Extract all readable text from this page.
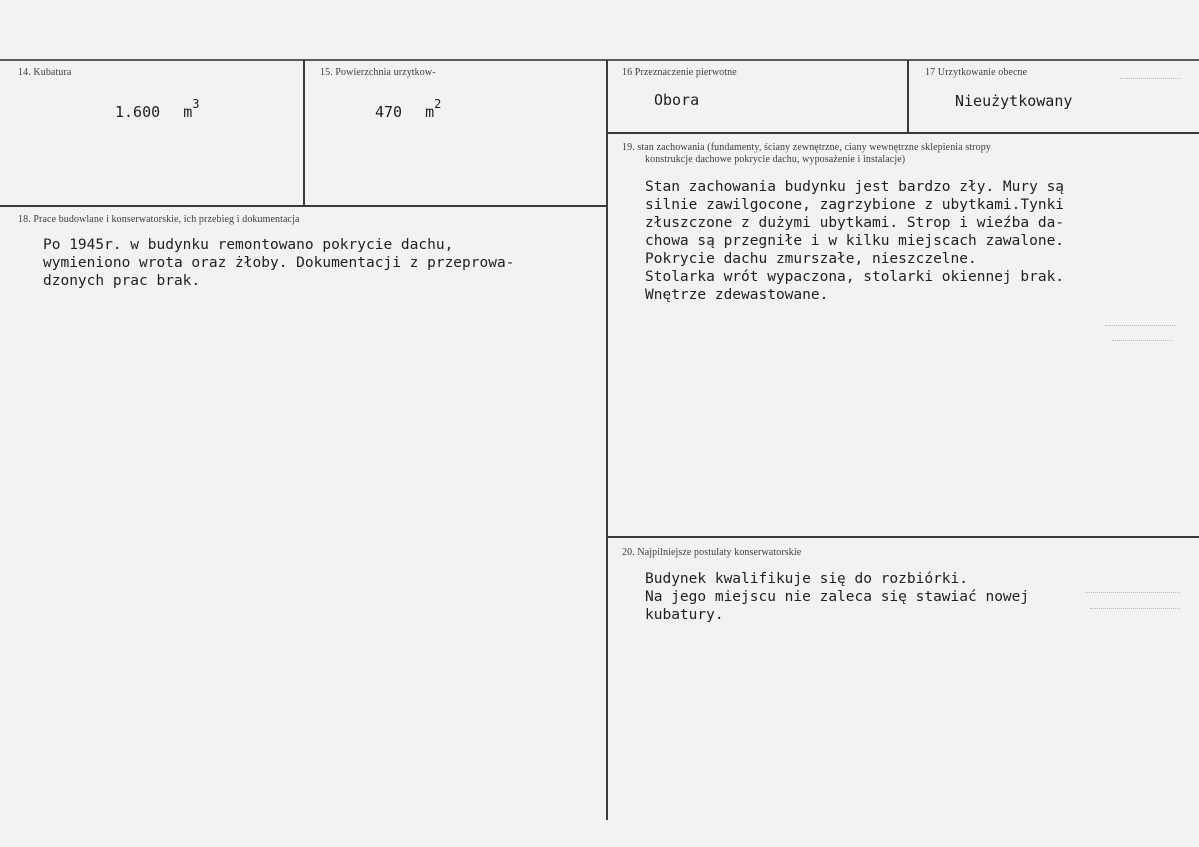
14. Kubatura
1.600 $m^3$
15. Powierzchnia urzytkow-
470 $m^2$
16 Przeznaczenie pierwotne
Obora
17 Urzytkowanie obecne
Nieużytkowany
18. Prace budowlane i konserwatorskie, ich przebieg i dokumentacja
Po 1945r. w budynku remontowano pokrycie dachu,
wymieniono wrota oraz żłoby. Dokumentacji z przeprowa-
dzonych prac brak.
19. stan zachowania (fundamenty, ściany zewnętrzne, ciany wewnętrzne sklepienia stropy
konstrukcje dachowe pokrycie dachu, wyposażenie i instalacje)
Stan zachowania budynku jest bardzo zły. Mury są
silnie zawilgocone, zagrzybione z ubytkami.Tynki
złuszczone z dużymi ubytkami. Strop i wieźba da-
chowa są przegniłe i w kilku miejscach zawalone.
Pokrycie dachu zmurszałe, nieszczelne.
Stolarka wrót wypaczona, stolarki okiennej brak.
Wnętrze zdewastowane.
20. Najpilniejsze postulaty konserwatorskie
Budynek kwalifikuje się do rozbiórki.
Na jego miejscu nie zaleca się stawiać nowej
kubatury.
